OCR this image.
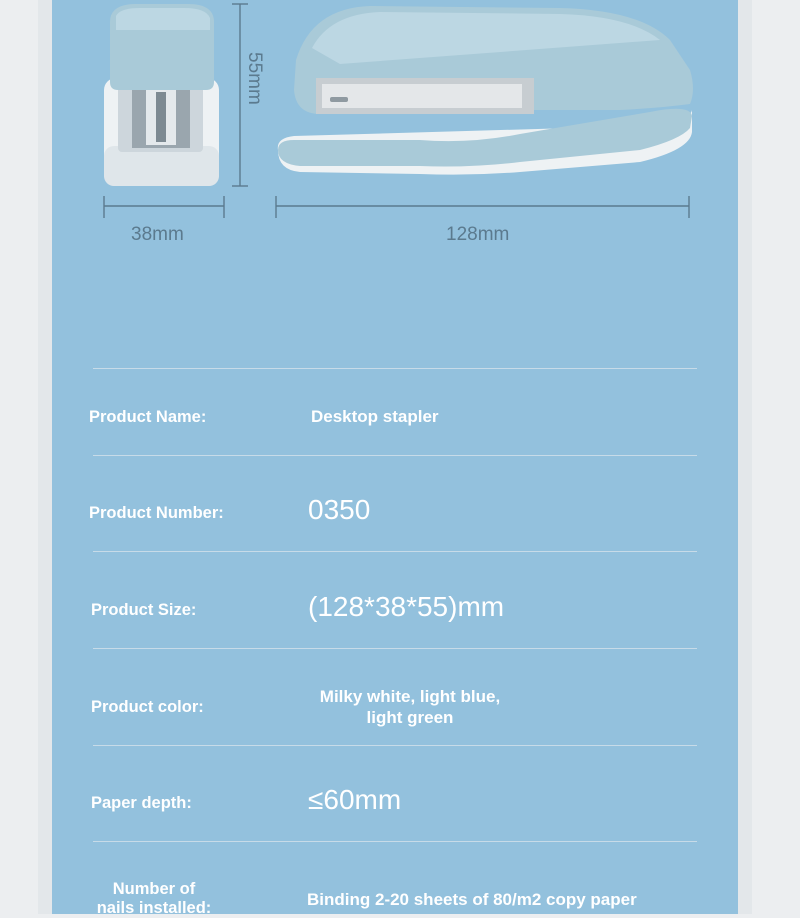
38mm	128mm
55mm
Product Name:	Desktop stapler
Product Number:	0350
Product Size:	(128*38*55)mm
Product color:
Milky white, light blue, light green
Paper depth:	≤60mm
Number of nails installed:	Binding 2-20 sheets of 80/m2 copy paper
